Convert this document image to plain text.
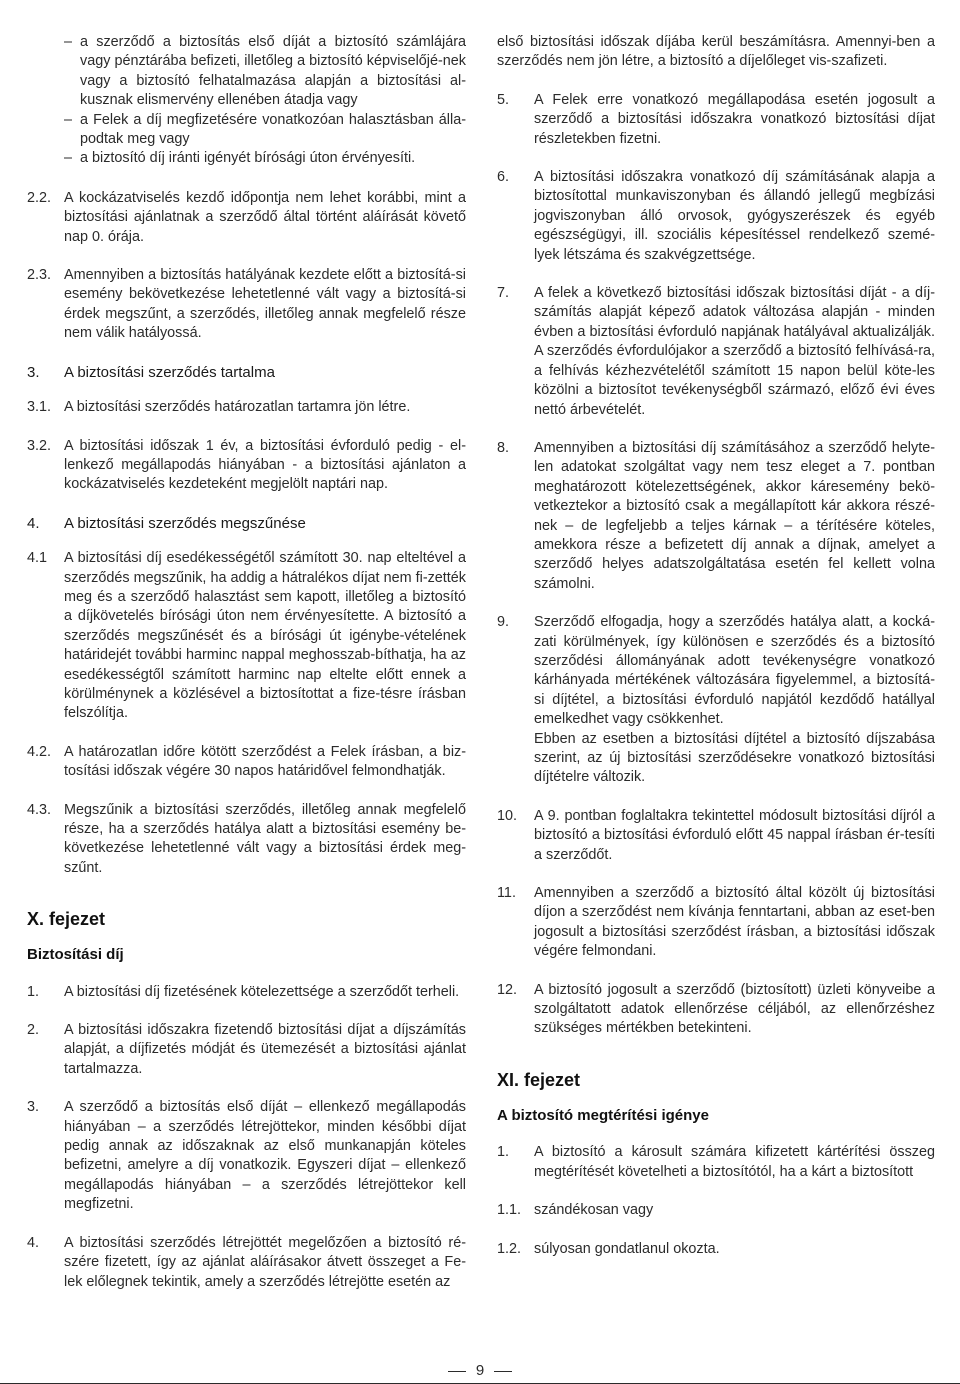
– a szerződő a biztosítás első díját a biztosító számlájára vagy pénztárába befizeti, illetőleg a biztosító képviselőjé-nek vagy a biztosító felhatalmazása alapján a biztosítási al-kusznak elismervény ellenében átadja vagy
– a Felek a díj megfizetésére vonatkozóan halasztásban álla-podtak meg vagy
– a biztosító díj iránti igényét bírósági úton érvényesíti.
2.2. A kockázatviselés kezdő időpontja nem lehet korábbi, mint a biztosítási ajánlatnak a szerződő által történt aláírását követő nap 0. órája.
2.3. Amennyiben a biztosítás hatályának kezdete előtt a biztosítá-si esemény bekövetkezése lehetetlenné vált vagy a biztosítá-si érdek megszűnt, a szerződés, illetőleg annak megfelelő része nem válik hatályossá.
3. A biztosítási szerződés tartalma
3.1. A biztosítási szerződés határozatlan tartamra jön létre.
3.2. A biztosítási időszak 1 év, a biztosítási évforduló pedig - el-lenkező megállapodás hiányában - a biztosítási ajánlaton a kockázatviselés kezdeteként megjelölt naptári nap.
4. A biztosítási szerződés megszűnése
4.1 A biztosítási díj esedékességétől számított 30. nap elteltével a szerződés megszűnik, ha addig a hátralékos díjat nem fi-zették meg és a szerződő halasztást sem kapott, illetőleg a biztosító a díjkövetelés bírósági úton nem érvényesítette. A biztosító a szerződés megszűnését és a bírósági út igénybe-vételének határidejét további harminc nappal meghosszab-bíthatja, ha az esedékességtől számított harminc nap eltelte előtt ennek a körülménynek a közlésével a biztosítottat a fize-tésre írásban felszólítja.
4.2. A határozatlan időre kötött szerződést a Felek írásban, a biz-tosítási időszak végére 30 napos határidővel felmondhatják.
4.3. Megszűnik a biztosítási szerződés, illetőleg annak megfelelő része, ha a szerződés hatálya alatt a biztosítási esemény be-következése lehetetlenné vált vagy a biztosítási érdek meg-szűnt.
X. fejezet
Biztosítási díj
1. A biztosítási díj fizetésének kötelezettsége a szerződőt terheli.
2. A biztosítási időszakra fizetendő biztosítási díjat a díjszámítás alapját, a díjfizetés módját és ütemezését a biztosítási ajánlat tartalmazza.
3. A szerződő a biztosítás első díját ‒ ellenkező megállapodás hiányában ‒ a szerződés létrejöttekor, minden későbbi díjat pedig annak az időszaknak az első munkanapján köteles befizetni, amelyre a díj vonatkozik. Egyszeri díjat ‒ ellenkező megállapodás hiányában ‒ a szerződés létrejöttekor kell megfizetni.
4. A biztosítási szerződés létrejöttét megelőzően a biztosító ré-szére fizetett, így az ajánlat aláírásakor átvett összeget a Fe-lek előlegnek tekintik, amely a szerződés létrejötte esetén az
első biztosítási időszak díjába kerül beszámításra. Amennyi-ben a szerződés nem jön létre, a biztosító a díjelőleget vis-szafizeti.
5. A Felek erre vonatkozó megállapodása esetén jogosult a szerződő a biztosítási időszakra vonatkozó biztosítási díjat részletekben fizetni.
6. A biztosítási időszakra vonatkozó díj számításának alapja a biztosítottal munkaviszonyban és állandó jellegű megbízási jogviszonyban álló orvosok, gyógyszerészek és egyéb egészségügyi, ill. szociális képesítéssel rendelkező szemé-lyek létszáma és szakvégzettsége.
7. A felek a következő biztosítási időszak biztosítási díját - a díj-számítás alapját képező adatok változása alapján - minden évben a biztosítási évforduló napjának hatályával aktualizálják. A szerződés évfordulójakor a szerződő a biztosító felhívásá-ra, a felhívás kézhezvételétől számított 15 napon belül köte-les közölni a biztosítot tevékenységből származó, előző évi éves nettó árbevételét.
8. Amennyiben a biztosítási díj számításához a szerződő helyte-len adatokat szolgáltat vagy nem tesz eleget a 7. pontban meghatározott kötelezettségének, akkor káresemény bekö-vetkeztekor a biztosító csak a megállapított kár akkora részé-nek ‒ de legfeljebb a teljes kárnak ‒ a térítésére köteles, amekkora része a befizetett díj annak a díjnak, amelyet a szerződő helyes adatszolgáltatása esetén fel kellett volna számolni.
9. Szerződő elfogadja, hogy a szerződés hatálya alatt, a kocká-zati körülmények, így különösen e szerződés és a biztosító szerződési állományának adott tevékenységre vonatkozó kárhányada mértékének változására figyelemmel, a biztosítá-si díjtétel, a biztosítási évforduló napjától kezdődő hatállyal emelkedhet vagy csökkenhet.
Ebben az esetben a biztosítási díjtétel a biztosító díjszabása szerint, az új biztosítási szerződésekre vonatkozó biztosítási díjtételre változik.
10. A 9. pontban foglaltakra tekintettel módosult biztosítási díjról a biztosító a biztosítási évforduló előtt 45 nappal írásban ér-tesíti a szerződőt.
11. Amennyiben a szerződő a biztosító által közölt új biztosítási díjon a szerződést nem kívánja fenntartani, abban az eset-ben jogosult a biztosítási szerződést írásban, a biztosítási időszak végére felmondani.
12. A biztosító jogosult a szerződő (biztosított) üzleti könyveibe a szolgáltatott adatok ellenőrzése céljából, az ellenőrzéshez szükséges mértékben betekinteni.
XI. fejezet
A biztosító megtérítési igénye
1. A biztosító a károsult számára kifizetett kártérítési összeg megtérítését követelheti a biztosítótól, ha a kárt a biztosított
1.1. szándékosan vagy
1.2. súlyosan gondatlanul okozta.
9
